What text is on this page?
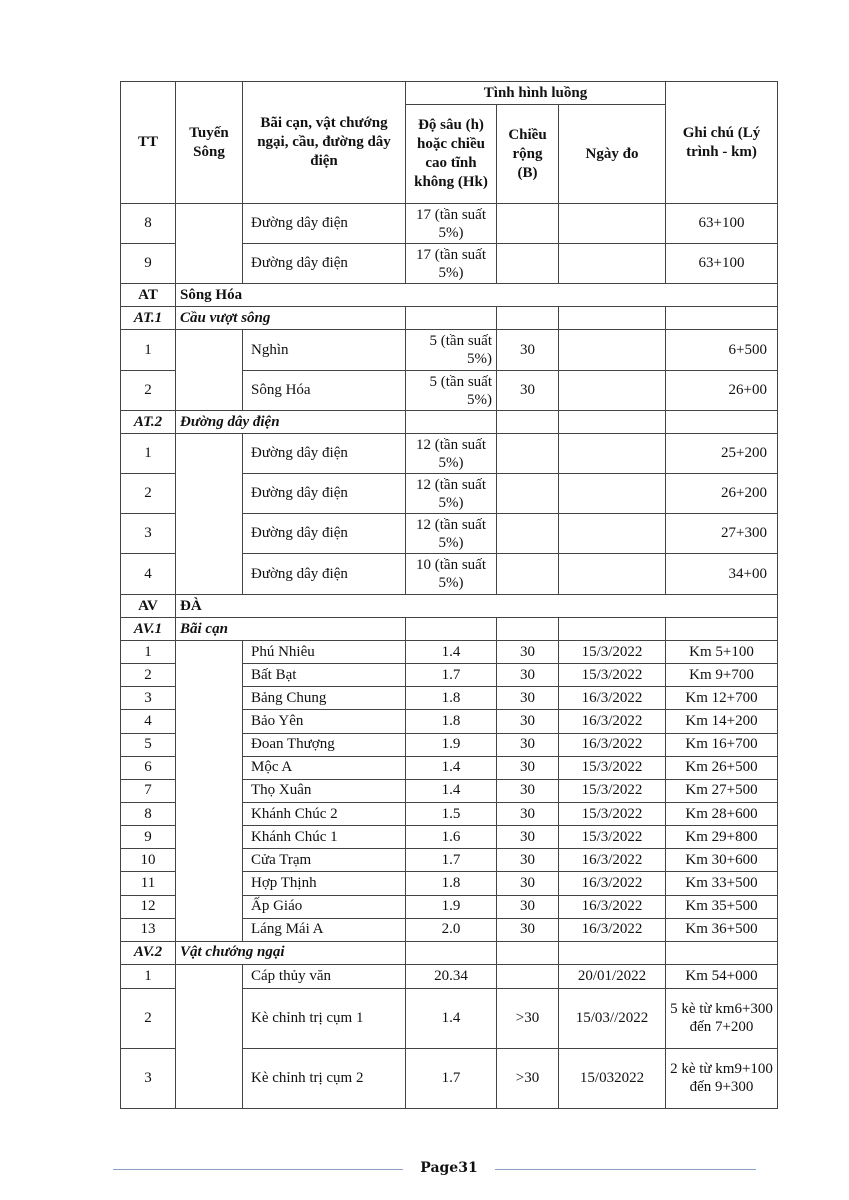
TT	Tuyến Sông	Bãi cạn, vật chướng ngại, cầu, đường dây điện	Tình hình luồng			Ghi chú (Lý trình - km)
			Độ sâu (h) hoặc chiều cao tĩnh không (Hk)	Chiều rộng (B)	Ngày đo	
8		Đường dây điện	17 (tần suất 5%)			63+100
9		Đường dây điện	17 (tần suất 5%)			63+100
AT	Sông Hóa					
AT.1	Cầu vượt sông					
1		Nghìn	5 (tần suất 5%)	30		6+500
2		Sông Hóa	5 (tần suất 5%)	30		26+00
AT.2	Đường dây điện					
1		Đường dây điện	12 (tần suất 5%)			25+200
2		Đường dây điện	12 (tần suất 5%)			26+200
3		Đường dây điện	12 (tần suất 5%)			27+300
4		Đường dây điện	10 (tần suất 5%)			34+00
AV	ĐÀ					
AV.1	Bãi cạn					
1		Phú Nhiêu	1.4	30	15/3/2022	Km 5+100
2		Bất Bạt	1.7	30	15/3/2022	Km 9+700
3		Bảng Chung	1.8	30	16/3/2022	Km 12+700
4		Bảo Yên	1.8	30	16/3/2022	Km 14+200
5		Đoan Thượng	1.9	30	16/3/2022	Km 16+700
6		Mộc A	1.4	30	15/3/2022	Km 26+500
7		Thọ Xuân	1.4	30	15/3/2022	Km 27+500
8		Khánh Chúc 2	1.5	30	15/3/2022	Km 28+600
9		Khánh Chúc 1	1.6	30	15/3/2022	Km 29+800
10		Cửa Trạm	1.7	30	16/3/2022	Km 30+600
11		Hợp Thịnh	1.8	30	16/3/2022	Km 33+500
12		Ấp Giáo	1.9	30	16/3/2022	Km 35+500
13		Láng Mái A	2.0	30	16/3/2022	Km 36+500
AV.2	Vật chướng ngại					
1		Cáp thủy văn	20.34		20/01/2022	Km 54+000
2		Kè chỉnh trị cụm 1	1.4	>30	15/03//2022	5 kè từ km6+300 đến 7+200
3		Kè chỉnh trị cụm 2	1.7	>30	15/032022	2 kè từ km9+100 đến 9+300
Page31
